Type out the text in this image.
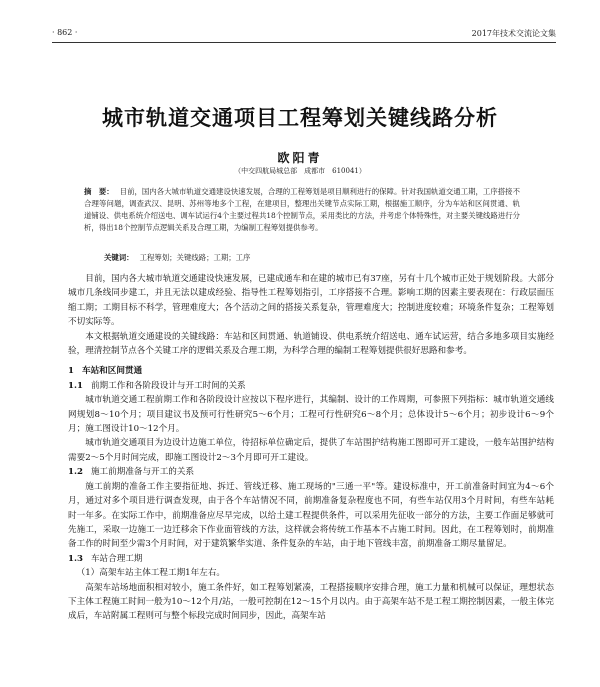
· 862 ·	2017年技术交流论文集
城市轨道交通项目工程筹划关键线路分析
欧阳青
（中交四航局城总部　成都市　610041）
摘　要： 目前，国内各大城市轨道交通建设快速发展，合理的工程筹划是项目顺利进行的保障。针对我国轨道交通工期，工序搭接不合理等问题，调查武汉、昆明、苏州等地多个工程，在建项目，整理出关键节点实际工期，根据施工顺序，分为车站和区间贯通、轨道铺设、供电系统介绍送电、调车试运行4个主要过程共18个控制节点，采用类比的方法，并考虑个体特殊性，对主要关键线路进行分析，得出18个控制节点逻辑关系及合理工期，为编制工程筹划提供参考。
关键词： 工程筹划；关键线路；工期；工序

目前，国内各大城市轨道交通建设快速发展，已建成通车和在建的城市已有37座，另有十几个城市正处于规划阶段。大部分城市几条线同步建工，并且无法以建成经验、指导性工程筹划指引，工序搭接不合理。影响工期的因素主要表现在：行政层面压缩工期；工期目标不科学，管理难度大；各个活动之间的搭接关系复杂，管理难度大；控制进度较难；环境条件复杂；工程筹划不切实际等。

本文根据轨道交通建设的关键线路：车站和区间贯通、轨道铺设、供电系统介绍送电、通车试运营，结合多地多项目实施经验，理清控制节点各个关键工序的逻辑关系及合理工期，为科学合理的编制工程筹划提供很好思路和参考。

1 车站和区间贯通
1.1 前期工作和各阶段设计与开工时间的关系

城市轨道交通工程前期工作和各阶段设计应按以下程序进行，其编制、设计的工作周期，可参照下列指标：城市轨道交通线网规划8～10个月；项目建议书及预可行性研究5～6个月；工程可行性研究6～8个月；总体设计5～6个月；初步设计6～9个月；施工图设计10～12个月。

城市轨道交通项目为边设计边施工单位，待招标单位确定后，提供了车站围护结构施工图即可开工建设，一般车站围护结构需要2～5个月时间完成，即施工图设计2～3个月即可开工建设。

1.2 施工前期准备与开工的关系

施工前期的准备工作主要指征地、拆迁、管线迁移、施工现场的"三通一平"等。建设标准中，开工前准备时间宜为4～6个月，通过对多个项目进行调查发现，由于各个车站情况不同，前期准备复杂程度也不同，有些车站仅用3个月时间，有些车站耗时一年多。在实际工作中，前期准备应尽早完成，以给土建工程提供条件，可以采用先征收一部分的方法，主要工作面足够就可先施工，采取一边施工一边迁移余下作业面管线的方法，这样就会将传统工作基本不占施工时间。因此，在工程筹划时，前期准备工作的时间至少需3个月时间，对于建筑繁华实道、条件复杂的车站，由于地下管线丰富，前期准备工期尽量留足。

1.3 车站合理工期
（1）高架车站主体工程工期1年左右。

高架车站场地面积相对较小，施工条件好，如工程筹划紧凑，工程搭接顺序安排合理，施工力量和机械可以保证，理想状态下主体工程施工时间一般为10～12个月/站，一般可控制在12～15个月以内。由于高架车站不是工程工期控制因素，一般主体完成后，车站附属工程则可与整个标段完成时间同步，因此，高架车站
